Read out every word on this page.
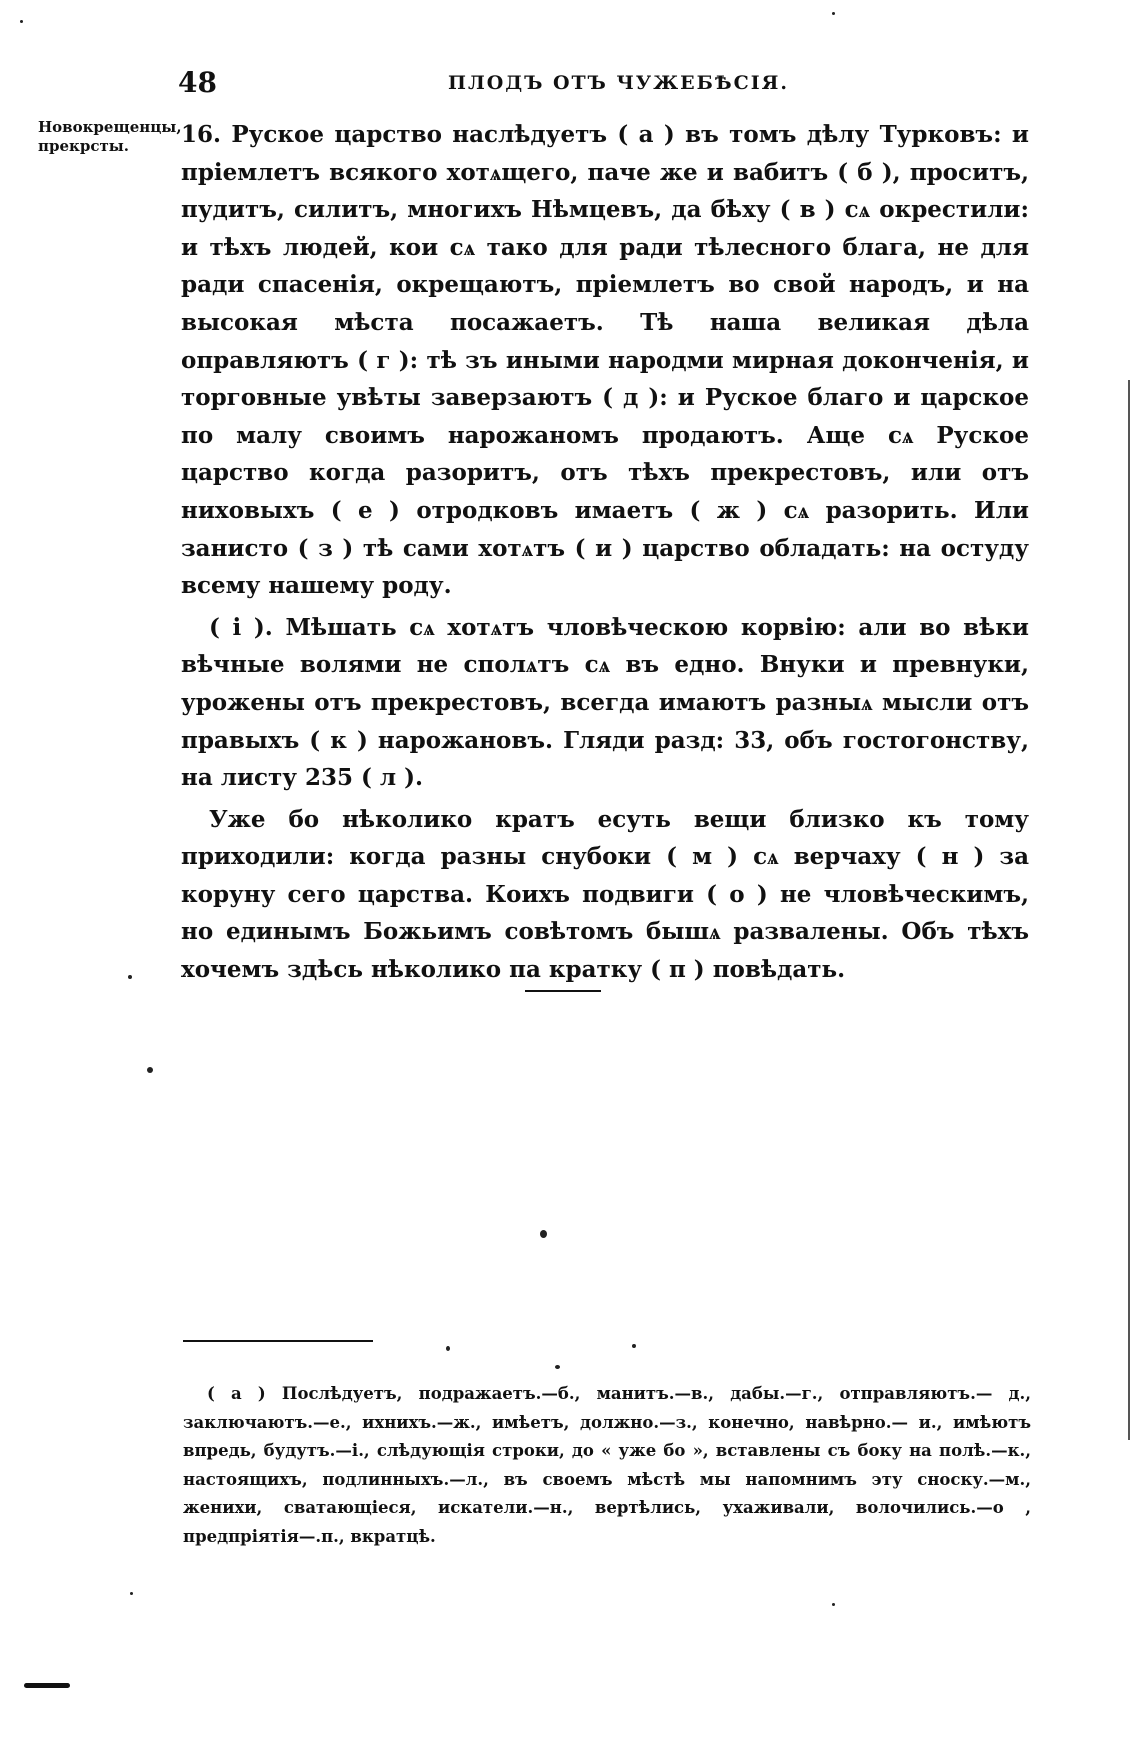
48	ПЛОДЪ ОТЪ ЧУЖЕБѢСІЯ.
Новокрещенцы, прекрсты.	16. Руское царство наслѣдуетъ ( а ) въ томъ дѣлу Турковъ: и пріемлетъ всякого хотѧщего, паче же и вабитъ ( б ), проситъ, пудитъ, силитъ, многихъ Нѣмцевъ, да бѣху ( в ) сѧ окрестили: и тѣхъ людей, кои сѧ тако для ради тѣлесного блага, не для ради спасенія, окрещаютъ, пріемлетъ во свой народъ, и на высокая мѣста посажаетъ. Тѣ наша великая дѣла оправляютъ ( г ): тѣ зъ иными народми мирная доконченія, и торговные увѣты заверзаютъ ( д ): и Руское благо и царское по малу своимъ нарожаномъ продаютъ. Аще сѧ Руское царство когда разоритъ, отъ тѣхъ прекрестовъ, или отъ ниховыхъ ( е ) отродковъ имаетъ ( ж ) сѧ разорить. Или занисто ( з ) тѣ сами хотѧтъ ( и ) царство обладать: на остуду всему нашему роду.

( і ). Мѣшать сѧ хотѧтъ чловѣческою корвію: али во вѣки вѣчные волями не сполѧтъ сѧ въ едно. Внуки и превнуки, урожены отъ прекрестовъ, всегда имаютъ разныѧ мысли отъ правыхъ ( к ) нарожановъ. Гляди разд: 33, объ гостогонству, на листу 235 ( л ).

Уже бо нѣколико кратъ есуть вещи близко къ тому приходили: когда разны снубоки ( м ) сѧ верчаху ( н ) за коруну сего царства. Коихъ подвиги ( о ) не чловѣческимъ, но единымъ Божьимъ совѣтомъ бышѧ развалены. Объ тѣхъ хочемъ здѣсь нѣколико па кратку ( п ) повѣдать.

( а ) Послѣдуетъ, подражаетъ.—б., манитъ.—в., дабы.—г., отправляютъ.— д., заключаютъ.—е., ихнихъ.—ж., имѣетъ, должно.—з., конечно, навѣрно.— и., имѣютъ впредь, будутъ.—і., слѣдующія строки, до « уже бо », вставлены съ боку на полѣ.—к., настоящихъ, подлинныхъ.—л., въ своемъ мѣстѣ мы напомнимъ эту сноску.—м., женихи, сватающіеся, искатели.—н., вертѣлись, ухаживали, волочились.—о , предпріятія—.п., вкратцѣ.
